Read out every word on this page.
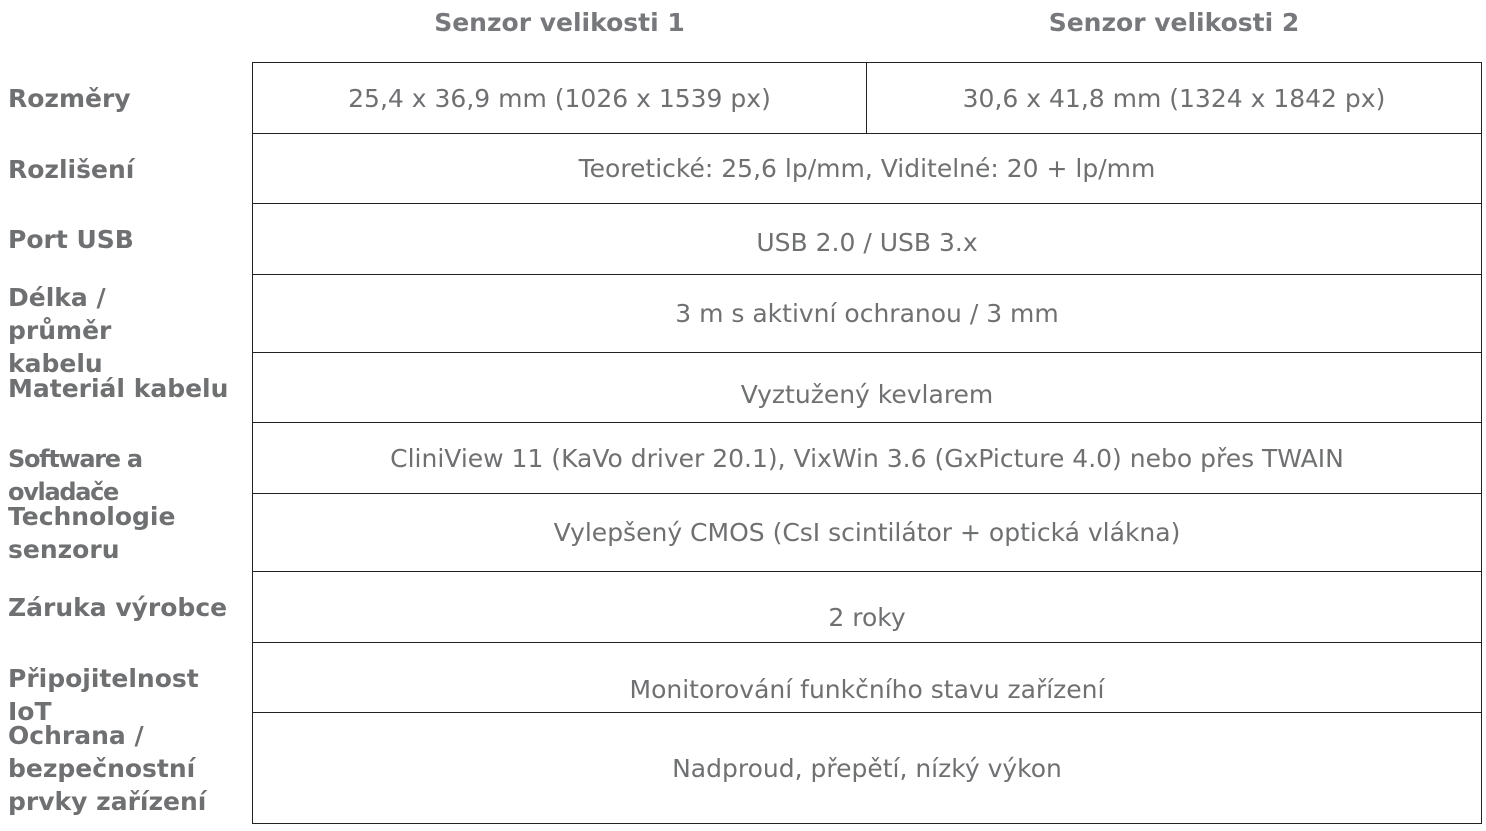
Senzor velikosti 1	Senzor velikosti 2
Rozměry
Rozlišení
Port USB
Délka / průměr kabelu
Materiál kabelu
Software a ovladače
Technologie senzoru
Záruka výrobce
Připojitelnost IoT
Ochrana / bezpečnostní prvky zařízení
25,4 x 36,9 mm (1026 x 1539 px)	30,6 x 41,8 mm (1324 x 1842 px)
Teoretické: 25,6 lp/mm, Viditelné: 20 + lp/mm
USB 2.0 / USB 3.x
3 m s aktivní ochranou / 3 mm
Vyztužený kevlarem
CliniView 11 (KaVo driver 20.1), VixWin 3.6 (GxPicture 4.0) nebo přes TWAIN
Vylepšený CMOS (CsI scintilátor + optická vlákna)
2 roky
Monitorování funkčního stavu zařízení
Nadproud, přepětí, nízký výkon
